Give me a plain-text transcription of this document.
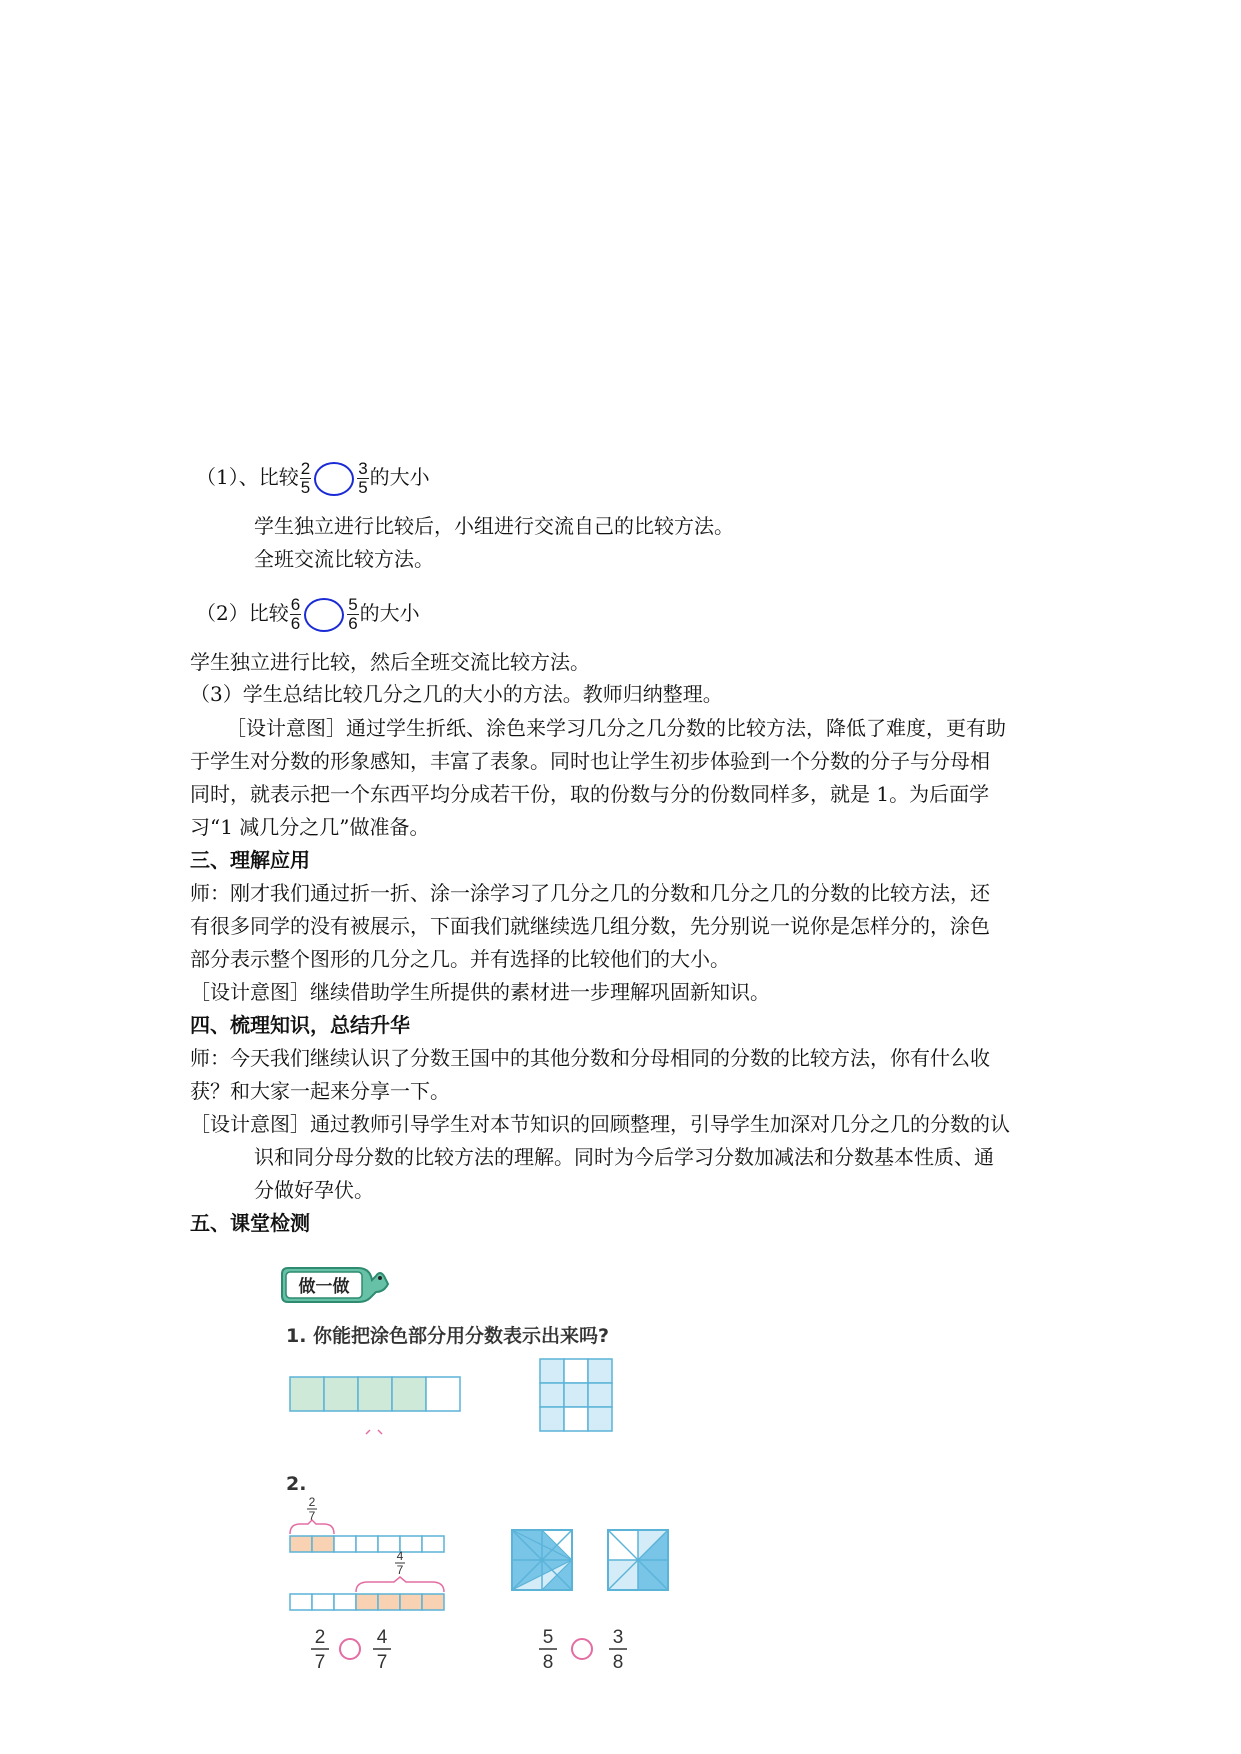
（1）、比较 $\frac{2}{5}$	$\frac{3}{5}$ 的大小
学生独立进行比较后，小组进行交流自己的比较方法。
全班交流比较方法。
（2）比较 $\frac{6}{6}$	$\frac{5}{6}$ 的大小
学生独立进行比较，然后全班交流比较方法。
（3）学生总结比较几分之几的大小的方法。教师归纳整理。
［设计意图］通过学生折纸、涂色来学习几分之几分数的比较方法，降低了难度，更有助
于学生对分数的形象感知，丰富了表象。同时也让学生初步体验到一个分数的分子与分母相
同时，就表示把一个东西平均分成若干份，取的份数与分的份数同样多，就是 1。为后面学
习“1 减几分之几”做准备。
三、理解应用
师：刚才我们通过折一折、涂一涂学习了几分之几的分数和几分之几的分数的比较方法，还
有很多同学的没有被展示，下面我们就继续选几组分数，先分别说一说你是怎样分的，涂色
部分表示整个图形的几分之几。并有选择的比较他们的大小。
［设计意图］继续借助学生所提供的素材进一步理解巩固新知识。
四、梳理知识，总结升华
师：今天我们继续认识了分数王国中的其他分数和分母相同的分数的比较方法，你有什么收
获？和大家一起来分享一下。
［设计意图］通过教师引导学生对本节知识的回顾整理，引导学生加深对几分之几的分数的认
识和同分母分数的比较方法的理解。同时为今后学习分数加减法和分数基本性质、通
分做好孕伏。
五、课堂检测
做一做
1. 你能把涂色部分用分数表示出来吗?
2.
2
7
4
7
2
7
4
7
5
8
3
8
